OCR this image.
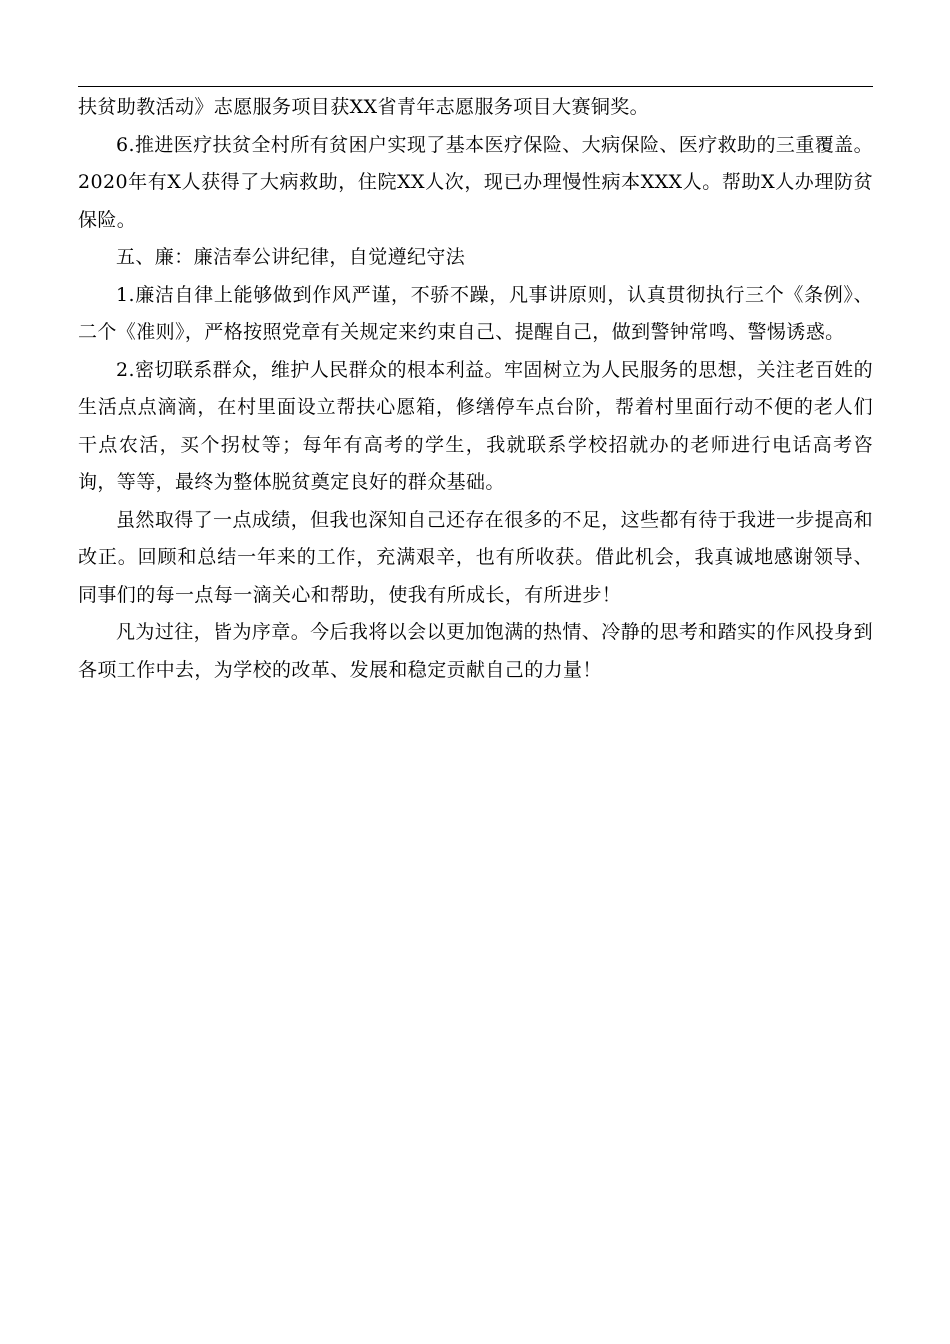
扶贫助教活动》志愿服务项目获XX省青年志愿服务项目大赛铜奖。

6.推进医疗扶贫全村所有贫困户实现了基本医疗保险、大病保险、医疗救助的三重覆盖。2020年有X人获得了大病救助，住院XX人次，现已办理慢性病本XXX人。帮助X人办理防贫保险。

五、廉：廉洁奉公讲纪律，自觉遵纪守法

1.廉洁自律上能够做到作风严谨，不骄不躁，凡事讲原则，认真贯彻执行三个《条例》、二个《准则》，严格按照党章有关规定来约束自己、提醒自己，做到警钟常鸣、警惕诱惑。

2.密切联系群众，维护人民群众的根本利益。牢固树立为人民服务的思想，关注老百姓的生活点点滴滴，在村里面设立帮扶心愿箱，修缮停车点台阶，帮着村里面行动不便的老人们干点农活，买个拐杖等；每年有高考的学生，我就联系学校招就办的老师进行电话高考咨询，等等，最终为整体脱贫奠定良好的群众基础。

虽然取得了一点成绩，但我也深知自己还存在很多的不足，这些都有待于我进一步提高和改正。回顾和总结一年来的工作，充满艰辛，也有所收获。借此机会，我真诚地感谢领导、同事们的每一点每一滴关心和帮助，使我有所成长，有所进步！

凡为过往，皆为序章。今后我将以会以更加饱满的热情、冷静的思考和踏实的作风投身到各项工作中去，为学校的改革、发展和稳定贡献自己的力量！
